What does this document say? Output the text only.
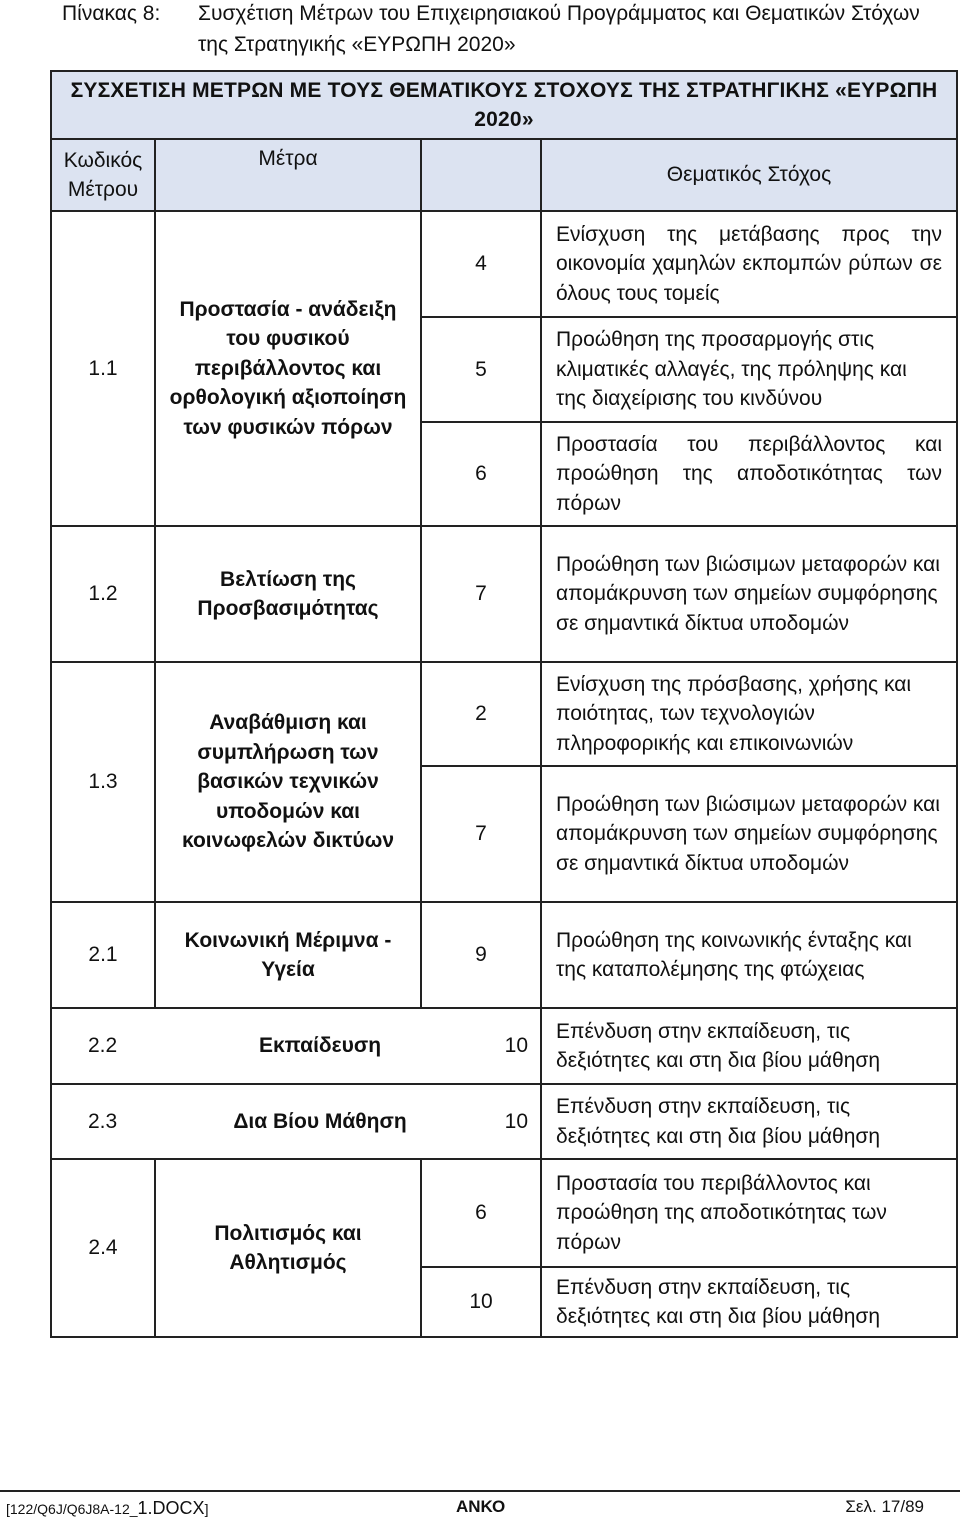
Πίνακας 8: Συσχέτιση Μέτρων του Επιχειρησιακού Προγράμματος και Θεματικών Στόχων της Στρατηγικής «ΕΥΡΩΠΗ 2020»
ΣΥΣΧΕΤΙΣΗ ΜΕΤΡΩΝ ΜΕ ΤΟΥΣ ΘΕΜΑΤΙΚΟΥΣ ΣΤΟΧΟΥΣ ΤΗΣ ΣΤΡΑΤΗΓΙΚΗΣ «ΕΥΡΩΠΗ 2020»			
Κωδικός Μέτρου	Μέτρα		Θεματικός Στόχος
1.1	Προστασία - ανάδειξη του φυσικού περιβάλλοντος και ορθολογική αξιοποίηση των φυσικών πόρων	4	Ενίσχυση της μετάβασης προς την οικονομία χαμηλών εκπομπών ρύπων σε όλους τους τομείς
		5	Προώθηση της προσαρμογής στις κλιματικές αλλαγές, της πρόληψης και της διαχείρισης του κινδύνου
		6	Προστασία του περιβάλλοντος και προώθηση της αποδοτικότητας των πόρων
1.2	Βελτίωση της Προσβασιμότητας	7	Προώθηση των βιώσιμων μεταφορών και απομάκρυνση των σημείων συμφόρησης σε σημαντικά δίκτυα υποδομών
1.3	Αναβάθμιση και συμπλήρωση των βασικών τεχνικών υποδομών και κοινωφελών δικτύων	2	Ενίσχυση της πρόσβασης, χρήσης και ποιότητας, των τεχνολογιών πληροφορικής και επικοινωνιών
		7	Προώθηση των βιώσιμων μεταφορών και απομάκρυνση των σημείων συμφόρησης σε σημαντικά δίκτυα υποδομών
2.1	Κοινωνική Μέριμνα - Υγεία	9	Προώθηση της κοινωνικής ένταξης και της καταπολέμησης της φτώχειας

2.2 Εκπαίδευση 10			Επένδυση στην εκπαίδευση, τις δεξιότητες και στη δια βίου μάθηση

2.3 Δια Βίου Μάθηση 10			Επένδυση στην εκπαίδευση, τις δεξιότητες και στη δια βίου μάθηση
2.4	Πολιτισμός και Αθλητισμός	6	Προστασία του περιβάλλοντος και προώθηση της αποδοτικότητας των πόρων
		10	Επένδυση στην εκπαίδευση, τις δεξιότητες και στη δια βίου μάθηση
[122/Q6J/Q6J8A-12_1.DOCX]	ΑΝΚΟ	Σελ. 17/89
